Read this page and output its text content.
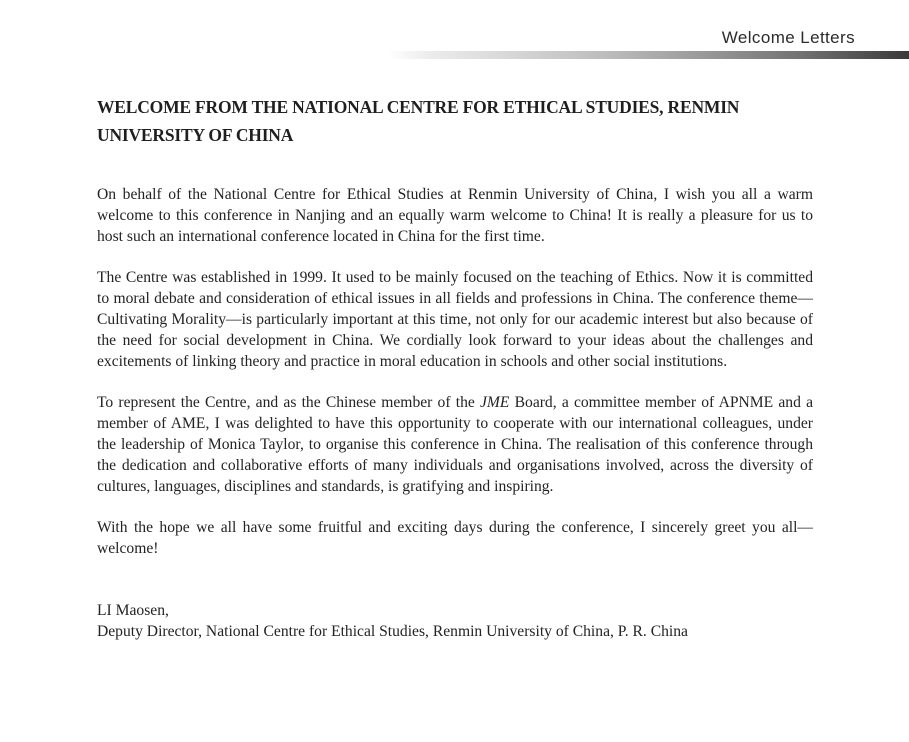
Welcome Letters
WELCOME FROM THE NATIONAL CENTRE FOR ETHICAL STUDIES, RENMIN UNIVERSITY OF CHINA

On behalf of the National Centre for Ethical Studies at Renmin University of China, I wish you all a warm welcome to this conference in Nanjing and an equally warm welcome to China! It is really a pleasure for us to host such an international conference located in China for the first time.

The Centre was established in 1999. It used to be mainly focused on the teaching of Ethics. Now it is committed to moral debate and consideration of ethical issues in all fields and professions in China. The conference theme—Cultivating Morality—is particularly important at this time, not only for our academic interest but also because of the need for social development in China. We cordially look forward to your ideas about the challenges and excitements of linking theory and practice in moral education in schools and other social institutions.

To represent the Centre, and as the Chinese member of the JME Board, a committee member of APNME and a member of AME, I was delighted to have this opportunity to cooperate with our international colleagues, under the leadership of Monica Taylor, to organise this conference in China. The realisation of this conference through the dedication and collaborative efforts of many individuals and organisations involved, across the diversity of cultures, languages, disciplines and standards, is gratifying and inspiring.

With the hope we all have some fruitful and exciting days during the conference, I sincerely greet you all—welcome!

LI Maosen,

Deputy Director, National Centre for Ethical Studies, Renmin University of China, P. R. China
